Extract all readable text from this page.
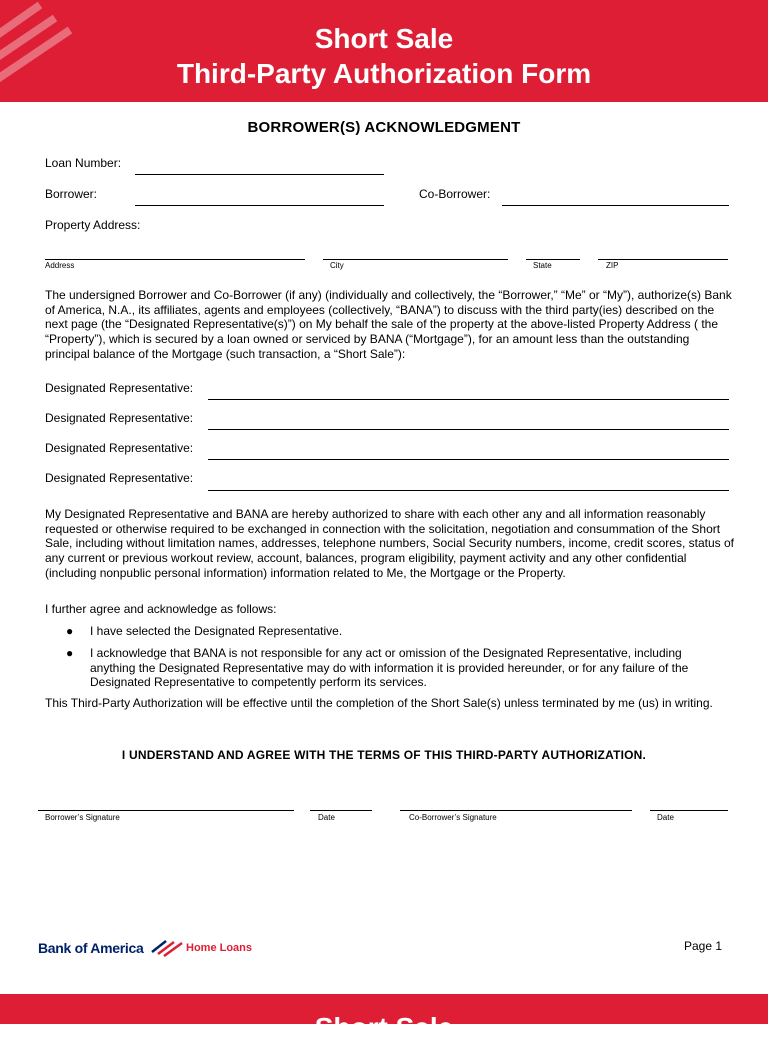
Short Sale
Third-Party Authorization Form
BORROWER(S) ACKNOWLEDGMENT
Loan Number:
Borrower:	Co-Borrower:
Property Address:
Address	City	State	ZIP

The undersigned Borrower and Co-Borrower (if any) (individually and collectively, the “Borrower,” “Me” or “My”), authorize(s) Bank of America, N.A., its affiliates, agents and employees (collectively, “BANA”) to discuss with the third party(ies) described on the next page (the “Designated Representative(s)”) on My behalf the sale of the property at the above-listed Property Address ( the “Property”), which is secured by a loan owned or serviced by BANA (“Mortgage”), for an amount less than the outstanding principal balance of the Mortgage (such transaction, a “Short Sale”):

Designated Representative:
Designated Representative:
Designated Representative:
Designated Representative:

My Designated Representative and BANA are hereby authorized to share with each other any and all information reasonably requested or otherwise required to be exchanged in connection with the solicitation, negotiation and consummation of the Short Sale, including without limitation names, addresses, telephone numbers, Social Security numbers, income, credit scores, status of any current or previous workout review, account, balances, program eligibility, payment activity and any other confidential (including nonpublic personal information) information related to Me, the Mortgage or the Property.

I further agree and acknowledge as follows:
● I have selected the Designated Representative.

● I acknowledge that BANA is not responsible for any act or omission of the Designated Representative, including anything the Designated Representative may do with information it is provided hereunder, or for any failure of the Designated Representative to competently perform its services.

This Third-Party Authorization will be effective until the completion of the Short Sale(s) unless terminated by me (us) in writing.

I UNDERSTAND AND AGREE WITH THE TERMS OF THIS THIRD-PARTY AUTHORIZATION.
Borrower’s Signature	Date	Co-Borrower’s Signature	Date
Bank of America	Home Loans	Page 1
Short Sale
